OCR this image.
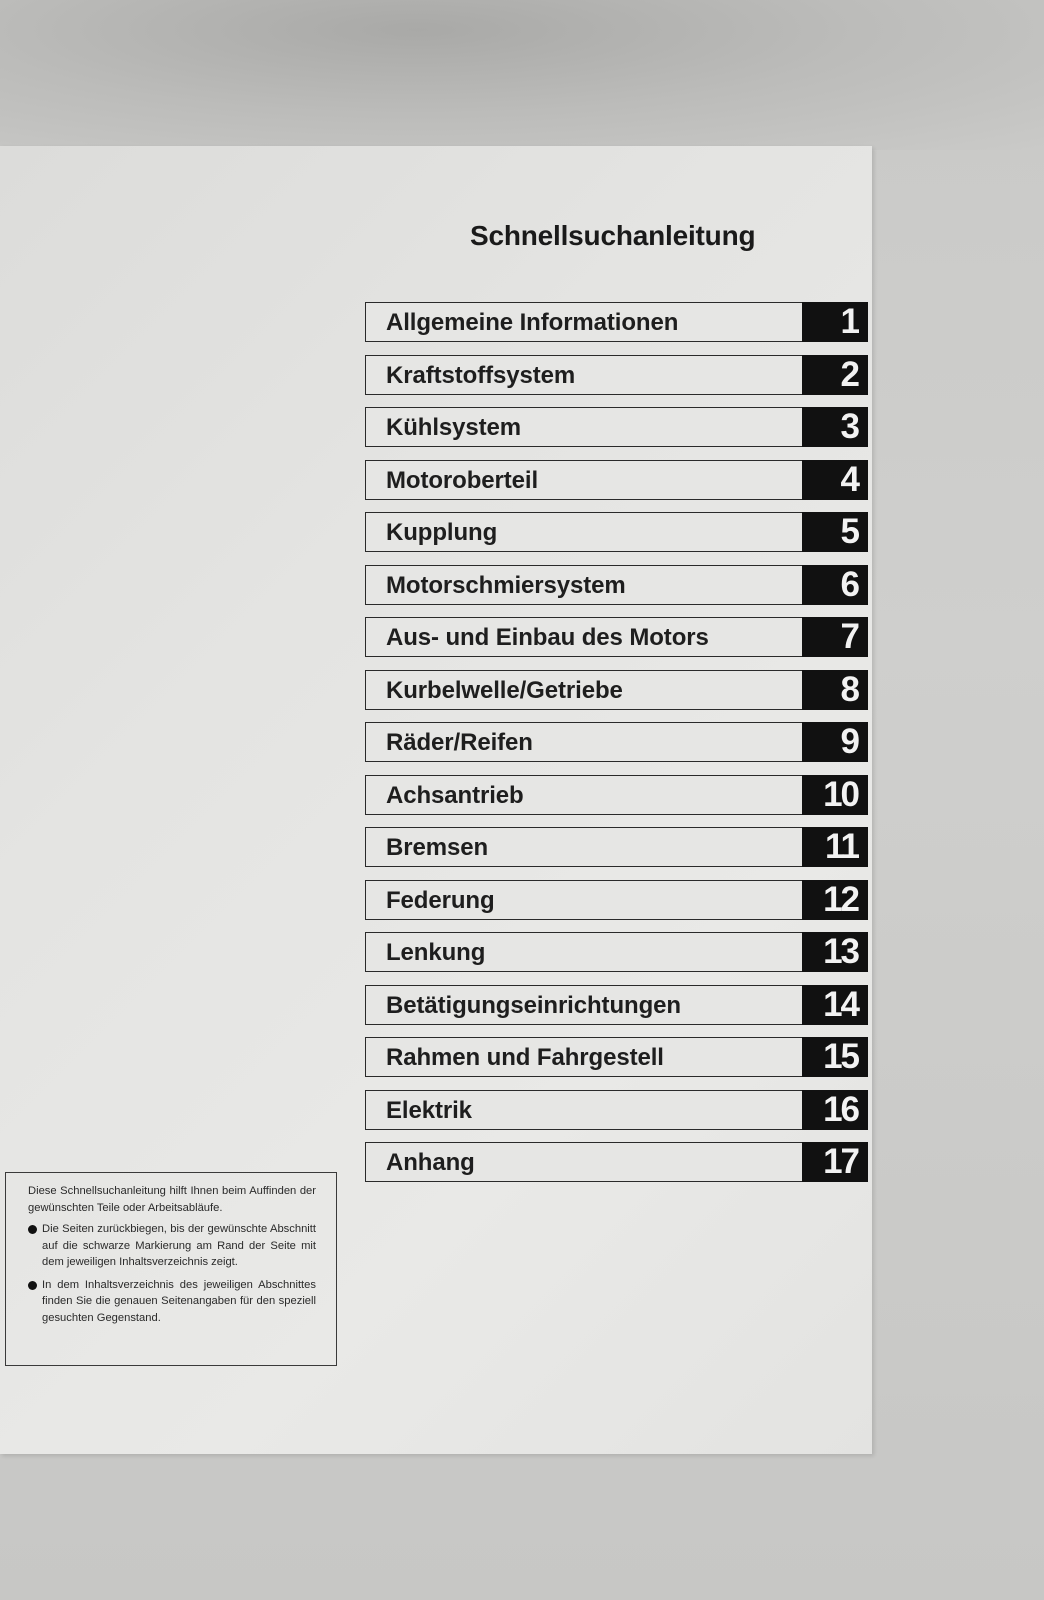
Schnellsuchanleitung
Allgemeine Informationen	1
Kraftstoffsystem	2
Kühlsystem	3
Motoroberteil	4
Kupplung	5
Motorschmiersystem	6
Aus- und Einbau des Motors	7
Kurbelwelle/Getriebe	8
Räder/Reifen	9
Achsantrieb	10
Bremsen	11
Federung	12
Lenkung	13
Betätigungseinrichtungen	14
Rahmen und Fahrgestell	15
Elektrik	16
Anhang	17

Diese Schnellsuchanleitung hilft Ihnen beim Auffinden der gewünschten Teile oder Arbeitsabläufe.

Die Seiten zurückbiegen, bis der gewünschte Abschnitt auf die schwarze Markierung am Rand der Seite mit dem jeweiligen Inhaltsverzeichnis zeigt.
In dem Inhaltsverzeichnis des jeweiligen Abschnittes finden Sie die genauen Seitenangaben für den speziell gesuchten Gegenstand.
